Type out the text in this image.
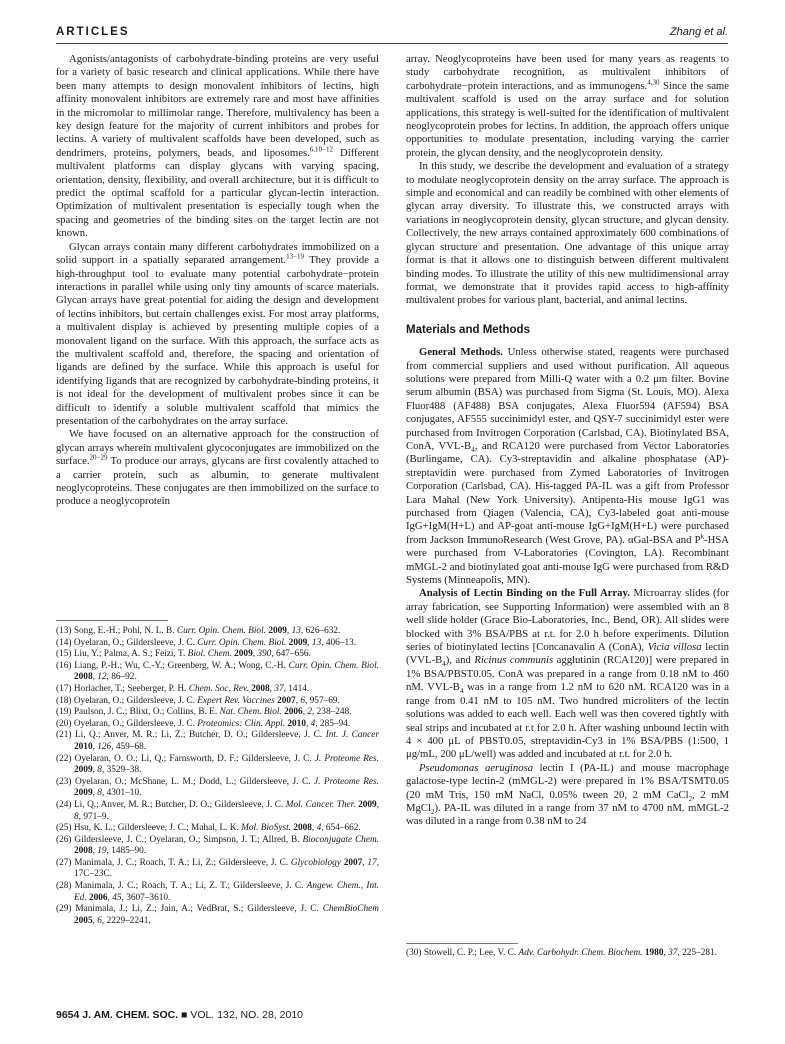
ARTICLES	Zhang et al.

Agonists/antagonists of carbohydrate-binding proteins are very useful for a variety of basic research and clinical applications. While there have been many attempts to design monovalent inhibitors of lectins, high affinity monovalent inhibitors are extremely rare and most have affinities in the micromolar to millimolar range. Therefore, multivalency has been a key design feature for the majority of current inhibitors and probes for lectins. A variety of multivalent scaffolds have been developed, such as dendrimers, proteins, polymers, beads, and liposomes.$^{6,10-12}$ Different multivalent platforms can display glycans with varying spacing, orientation, density, flexibility, and overall architecture, but it is difficult to predict the optimal scaffold for a particular glycan-lectin interaction. Optimization of multivalent presentation is especially tough when the spacing and geometries of the binding sites on the target lectin are not known.

Glycan arrays contain many different carbohydrates immobilized on a solid support in a spatially separated arrangement.$^{13-19}$ They provide a high-throughput tool to evaluate many potential carbohydrate−protein interactions in parallel while using only tiny amounts of scarce materials. Glycan arrays have great potential for aiding the design and development of lectins inhibitors, but certain challenges exist. For most array platforms, a multivalent display is achieved by presenting multiple copies of a monovalent ligand on the surface. With this approach, the surface acts as the multivalent scaffold and, therefore, the spacing and orientation of ligands are defined by the surface. While this approach is useful for identifying ligands that are recognized by carbohydrate-binding proteins, it is not ideal for the development of multivalent probes since it can be difficult to identify a soluble multivalent scaffold that mimics the presentation of the carbohydrates on the array surface.

We have focused on an alternative approach for the construction of glycan arrays wherein multivalent glycoconjugates are immobilized on the surface.$^{20-29}$ To produce our arrays, glycans are first covalently attached to a carrier protein, such as albumin, to generate multivalent neoglycoproteins. These conjugates are then immobilized on the surface to produce a neoglycoprotein

(13) Song, E.-H.; Pohl, N. L. B. Curr. Opin. Chem. Biol. 2009, 13, 626–632.

(14) Oyelaran, O.; Gildersleeve, J. C. Curr. Opin. Chem. Biol. 2009, 13, 406–13.

(15) Liu, Y.; Palma, A. S.; Feizi, T. Biol. Chem. 2009, 390, 647–656.

(16) Liang, P.-H.; Wu, C.-Y.; Greenberg, W. A.; Wong, C.-H. Curr. Opin. Chem. Biol. 2008, 12, 86–92.

(17) Horlacher, T.; Seeberger, P. H. Chem. Soc. Rev. 2008, 37, 1414.

(18) Oyelaran, O.; Gildersleeve, J. C. Expert Rev. Vaccines 2007, 6, 957–69.

(19) Paulson, J. C.; Blixt, O.; Collins, B. E. Nat. Chem. Biol. 2006, 2, 238–248.

(20) Oyelaran, O.; Gildersleeve, J. C. Proteomics: Clin. Appl. 2010, 4, 285–94.

(21) Li, Q.; Anver, M. R.; Li, Z.; Butcher, D. O.; Gildersleeve, J. C. Int. J. Cancer 2010, 126, 459–68.

(22) Oyelaran, O. O.; Li, Q.; Farnsworth, D. F.; Gildersleeve, J. C. J. Proteome Res. 2009, 8, 3529–38.

(23) Oyelaran, O.; McShane, L. M.; Dodd, L.; Gildersleeve, J. C. J. Proteome Res. 2009, 8, 4301–10.

(24) Li, Q.; Anver, M. R.; Butcher, D. O.; Gildersleeve, J. C. Mol. Cancer. Ther. 2009, 8, 971–9.

(25) Hsu, K. L.; Gildersleeve, J. C.; Mahal, L. K. Mol. BioSyst. 2008, 4, 654–662.

(26) Gildersleeve, J. C.; Oyelaran, O.; Simpson, J. T.; Allred, B. Bioconjugate Chem. 2008, 19, 1485–90.

(27) Manimala, J. C.; Roach, T. A.; Li, Z.; Gildersleeve, J. C. Glycobiology 2007, 17, 17C–23C.

(28) Manimala, J. C.; Roach, T. A.; Li, Z. T.; Gildersleeve, J. C. Angew. Chem., Int. Ed. 2006, 45, 3607–3610.

(29) Manimala, J.; Li, Z.; Jain, A.; VedBrat, S.; Gildersleeve, J. C. ChemBioChem 2005, 6, 2229–2241.

array. Neoglycoproteins have been used for many years as reagents to study carbohydrate recognition, as multivalent inhibitors of carbohydrate−protein interactions, and as immunogens.$^{4,30}$ Since the same multivalent scaffold is used on the array surface and for solution applications, this strategy is well-suited for the identification of multivalent neoglycoprotein probes for lectins. In addition, the approach offers unique opportunities to modulate presentation, including varying the carrier protein, the glycan density, and the neoglycoprotein density.

In this study, we describe the development and evaluation of a strategy to modulate neoglycoprotein density on the array surface. The approach is simple and economical and can readily be combined with other elements of glycan array diversity. To illustrate this, we constructed arrays with variations in neoglycoprotein density, glycan structure, and glycan density. Collectively, the new arrays contained approximately 600 combinations of glycan structure and presentation. One advantage of this unique array format is that it allows one to distinguish between different multivalent binding modes. To illustrate the utility of this new multidimensional array format, we demonstrate that it provides rapid access to high-affinity multivalent probes for various plant, bacterial, and animal lectins.

Materials and Methods

General Methods. Unless otherwise stated, reagents were purchased from commercial suppliers and used without purification. All aqueous solutions were prepared from Milli-Q water with a 0.2 μm filter. Bovine serum albumin (BSA) was purchased from Sigma (St. Louis, MO). Alexa Fluor488 (AF488) BSA conjugates, Alexa Fluor594 (AF594) BSA conjugates, AF555 succinimidyl ester, and QSY-7 succinimidyl ester were purchased from Invitrogen Corporation (Carlsbad, CA). Biotinylated BSA, ConA, VVL-$B_4$, and RCA120 were purchased from Vector Laboratories (Burlingame, CA). Cy3-streptavidin and alkaline phosphatase (AP)-streptavidin were purchased from Zymed Laboratories of Invitrogen Corporation (Carlsbad, CA). His-tagged PA-IL was a gift from Professor Lara Mahal (New York University). Antipenta-His mouse IgG1 was purchased from Qiagen (Valencia, CA), Cy3-labeled goat anti-mouse IgG+IgM(H+L) and AP-goat anti-mouse IgG+IgM(H+L) were purchased from Jackson ImmunoResearch (West Grove, PA). αGal-BSA and $P^k$-HSA were purchased from V-Laboratories (Covington, LA). Recombinant mMGL-2 and biotinylated goat anti-mouse IgG were purchased from R&D Systems (Minneapolis, MN).

Analysis of Lectin Binding on the Full Array. Microarray slides (for array fabrication, see Supporting Information) were assembled with an 8 well slide holder (Grace Bio-Laboratories, Inc., Bend, OR). All slides were blocked with 3% BSA/PBS at r.t. for 2.0 h before experiments. Dilution series of biotinylated lectins [Concanavalin A (ConA), Vicia villosa lectin $(VVL-B_4)$, and Ricinus communis agglutinin (RCA120)] were prepared in 1% BSA/PBST0.05. ConA was prepared in a range from 0.18 nM to 460 nM. VVL-$B_4$ was in a range from 1.2 nM to 620 nM. RCA120 was in a range from 0.41 nM to 105 nM. Two hundred microliters of the lectin solutions was added to each well. Each well was then covered tightly with seal strips and incubated at r.t for 2.0 h. After washing unbound lectin with 4 × 400 μL of PBST0.05, streptavidin-Cy3 in 1% BSA/PBS (1:500, 1 μg/mL, 200 μL/well) was added and incubated at r.t. for 2.0 h.

Pseudomonas aeruginosa lectin I (PA-IL) and mouse macrophage galactose-type lectin-2 (mMGL-2) were prepared in 1% BSA/TSMT0.05 (20 mM Tris, 150 mM NaCl, 0.05% tween 20, 2 mM CaCl$_2$, 2 mM MgCl$_2$). PA-IL was diluted in a range from 37 nM to 4700 nM. mMGL-2 was diluted in a range from 0.38 nM to 24

(30) Stowell, C. P.; Lee, V. C. Adv. Carbohydr. Chem. Biochem. 1980, 37, 225–281.

9654 J. AM. CHEM. SOC. ■ VOL. 132, NO. 28, 2010
